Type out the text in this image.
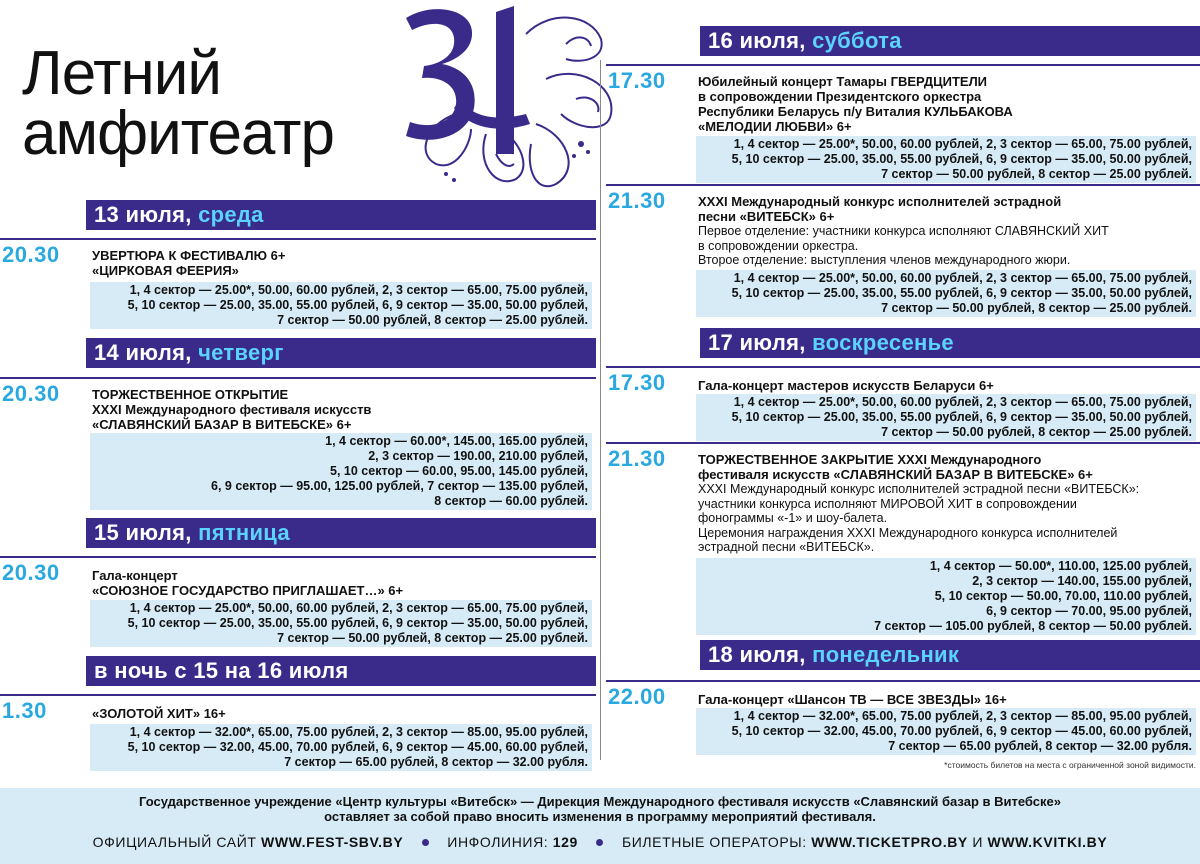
Летний
амфитеатр
13 июля, среда
20.30 УВЕРТЮРА К ФЕСТИВАЛЮ 6+
«ЦИРКОВАЯ ФЕЕРИЯ»
1, 4 сектор — 25.00*, 50.00, 60.00 рублей, 2, 3 сектор — 65.00, 75.00 рублей,
5, 10 сектор — 25.00, 35.00, 55.00 рублей, 6, 9 сектор — 35.00, 50.00 рублей,
7 сектор — 50.00 рублей, 8 сектор — 25.00 рублей.
14 июля, четверг
20.30 ТОРЖЕСТВЕННОЕ ОТКРЫТИЕ
XXXI Международного фестиваля искусств
«СЛАВЯНСКИЙ БАЗАР В ВИТЕБСКЕ» 6+
1, 4 сектор — 60.00*, 145.00, 165.00 рублей,
2, 3 сектор — 190.00, 210.00 рублей,
5, 10 сектор — 60.00, 95.00, 145.00 рублей,
6, 9 сектор — 95.00, 125.00 рублей, 7 сектор — 135.00 рублей,
8 сектор — 60.00 рублей.
15 июля, пятница
20.30 Гала-концерт
«СОЮЗНОЕ ГОСУДАРСТВО ПРИГЛАШАЕТ…» 6+
1, 4 сектор — 25.00*, 50.00, 60.00 рублей, 2, 3 сектор — 65.00, 75.00 рублей,
5, 10 сектор — 25.00, 35.00, 55.00 рублей, 6, 9 сектор — 35.00, 50.00 рублей,
7 сектор — 50.00 рублей, 8 сектор — 25.00 рублей.
в ночь с 15 на 16 июля
1.30	«ЗОЛОТОЙ ХИТ» 16+
1, 4 сектор — 32.00*, 65.00, 75.00 рублей, 2, 3 сектор — 85.00, 95.00 рублей,
5, 10 сектор — 32.00, 45.00, 70.00 рублей, 6, 9 сектор — 45.00, 60.00 рублей,
7 сектор — 65.00 рублей, 8 сектор — 32.00 рубля.
16 июля, суббота
17.30 Юбилейный концерт Тамары ГВЕРДЦИТЕЛИ
в сопровождении Президентского оркестра
Республики Беларусь п/у Виталия КУЛЬБАКОВА
«МЕЛОДИИ ЛЮБВИ» 6+
1, 4 сектор — 25.00*, 50.00, 60.00 рублей, 2, 3 сектор — 65.00, 75.00 рублей,
5, 10 сектор — 25.00, 35.00, 55.00 рублей, 6, 9 сектор — 35.00, 50.00 рублей,
7 сектор — 50.00 рублей, 8 сектор — 25.00 рублей.
21.30 XXXI Международный конкурс исполнителей эстрадной
песни «ВИТЕБСК» 6+
Первое отделение: участники конкурса исполняют СЛАВЯНСКИЙ ХИТ
в сопровождении оркестра.
Второе отделение: выступления членов международного жюри.
1, 4 сектор — 25.00*, 50.00, 60.00 рублей, 2, 3 сектор — 65.00, 75.00 рублей,
5, 10 сектор — 25.00, 35.00, 55.00 рублей, 6, 9 сектор — 35.00, 50.00 рублей,
7 сектор — 50.00 рублей, 8 сектор — 25.00 рублей.
17 июля, воскресенье
17.30 Гала-концерт мастеров искусств Беларуси 6+
1, 4 сектор — 25.00*, 50.00, 60.00 рублей, 2, 3 сектор — 65.00, 75.00 рублей,
5, 10 сектор — 25.00, 35.00, 55.00 рублей, 6, 9 сектор — 35.00, 50.00 рублей,
7 сектор — 50.00 рублей, 8 сектор — 25.00 рублей.
21.30 ТОРЖЕСТВЕННОЕ ЗАКРЫТИЕ XXXI Международного
фестиваля искусств «СЛАВЯНСКИЙ БАЗАР В ВИТЕБСКЕ» 6+
XXXI Международный конкурс исполнителей эстрадной песни «ВИТЕБСК»:
участники конкурса исполняют МИРОВОЙ ХИТ в сопровождении
фонограммы «-1» и шоу-балета.
Церемония награждения XXXI Международного конкурса исполнителей
эстрадной песни «ВИТЕБСК».
1, 4 сектор — 50.00*, 110.00, 125.00 рублей,
2, 3 сектор — 140.00, 155.00 рублей,
5, 10 сектор — 50.00, 70.00, 110.00 рублей,
6, 9 сектор — 70.00, 95.00 рублей,
7 сектор — 105.00 рублей, 8 сектор — 50.00 рублей.
18 июля, понедельник
22.00 Гала-концерт «Шансон ТВ — ВСЕ ЗВЕЗДЫ» 16+
1, 4 сектор — 32.00*, 65.00, 75.00 рублей, 2, 3 сектор — 85.00, 95.00 рублей,
5, 10 сектор — 32.00, 45.00, 70.00 рублей, 6, 9 сектор — 45.00, 60.00 рублей,
7 сектор — 65.00 рублей, 8 сектор — 32.00 рубля.
*стоимость билетов на места с ограниченной зоной видимости.
Государственное учреждение «Центр культуры «Витебск» — Дирекция Международного фестиваля искусств «Славянский базар в Витебске»
оставляет за собой право вносить изменения в программу мероприятий фестиваля.
ОФИЦИАЛЬНЫЙ САЙТ WWW.FEST-SBV.BY	ИНФОЛИНИЯ: 129	БИЛЕТНЫЕ ОПЕРАТОРЫ: WWW.TICKETPRO.BY И WWW.KVITKI.BY
